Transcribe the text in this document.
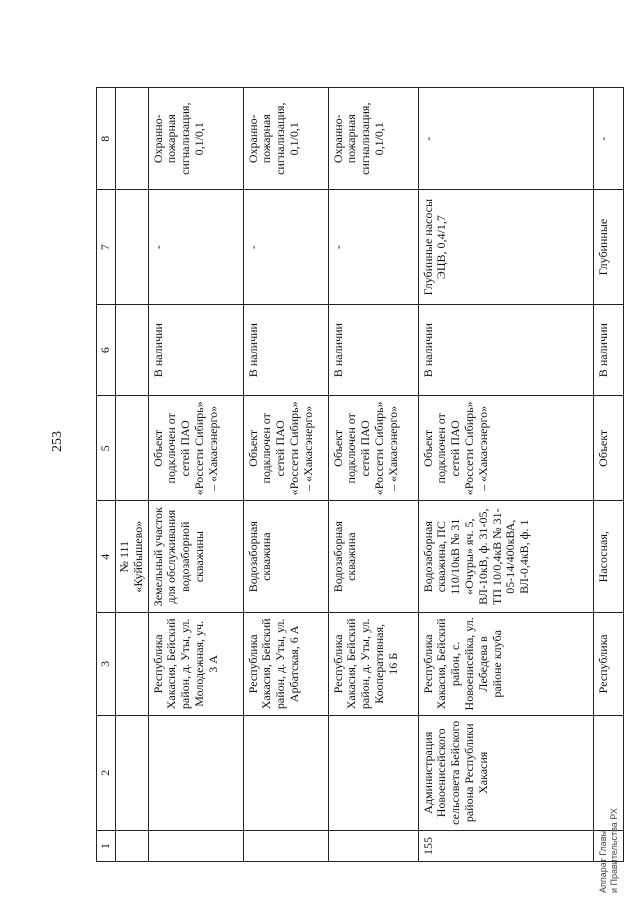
253
1	2	3	4	5	6	7	8
			№ 111
«Куйбышево»				
		Республика Хакасия, Бейский район, д. Уты, ул. Молодежная, уч. 3 А	Земельный участок для обслуживания водозаборной скважины	Объект подключен от сетей ПАО «Россети Сибирь» – «Хакасэнерго»	В наличии	-	Охранно-пожарная сигнализация, 0,1/0,1
		Республика Хакасия, Бейский район, д. Уты, ул. Арбатская, 6 А	Водозаборная скважина	Объект подключен от сетей ПАО «Россети Сибирь» – «Хакасэнерго»	В наличии	-	Охранно-пожарная сигнализация, 0,1/0,1
		Республика Хакасия, Бейский район, д. Уты, ул. Кооперативная, 16 Б	Водозаборная скважина	Объект подключен от сетей ПАО «Россети Сибирь» – «Хакасэнерго»	В наличии	-	Охранно-пожарная сигнализация, 0,1/0,1
155	Администрация Новоенисейского сельсовета Бейского района Республики Хакасия	Республика Хакасия, Бейский район, с. Новоенисейка, ул. Лебедева в районе клуба	Водозаборная скважина, ПС 110/10кВ № 31 «Очуры» яч. 5, ВЛ-10кВ, ф. 31-05, ТП 10/0,4кВ № 31-05-14/400кВА, ВЛ-0,4кВ, ф. 1	Объект подключен от сетей ПАО «Россети Сибирь» – «Хакасэнерго»	В наличии	Глубинные насосы ЭЦВ, 0,4/1,7	-
		Республика	Насосная,	Объект	В наличии	Глубинные	-
Аппарат Главы и Правительства РХ
